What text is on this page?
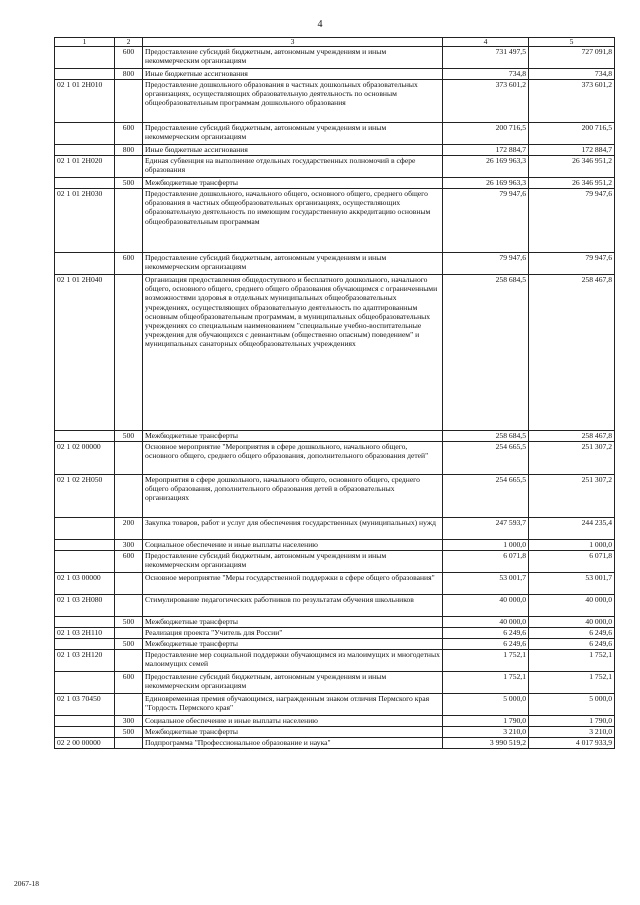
4
1	2	3	4	5
	600	Предоставление субсидий бюджетным, автономным учреждениям и иным некоммерческим организациям	731 497,5	727 091,8
	800	Иные бюджетные ассигнования	734,8	734,8
02 1 01 2Н010		Предоставление дошкольного образования в частных дошкольных образовательных организациях, осуществляющих образовательную деятельность по основным общеобразовательным программам дошкольного образования	373 601,2	373 601,2
	600	Предоставление субсидий бюджетным, автономным учреждениям и иным некоммерческим организациям	200 716,5	200 716,5
	800	Иные бюджетные ассигнования	172 884,7	172 884,7
02 1 01 2Н020		Единая субвенция на выполнение отдельных государственных полномочий в сфере образования	26 169 963,3	26 346 951,2
	500	Межбюджетные трансферты	26 169 963,3	26 346 951,2
02 1 01 2Н030		Предоставление дошкольного, начального общего, основного общего, среднего общего образования в частных общеобразовательных организациях, осуществляющих образовательную деятельность по имеющим государственную аккредитацию основным общеобразовательным программам	79 947,6	79 947,6
	600	Предоставление субсидий бюджетным, автономным учреждениям и иным некоммерческим организациям	79 947,6	79 947,6
02 1 01 2Н040		Организация предоставления общедоступного и бесплатного дошкольного, начального общего, основного общего, среднего общего образования обучающимся с ограниченными возможностями здоровья в отдельных муниципальных общеобразовательных учреждениях, осуществляющих образовательную деятельность по адаптированным основным общеобразовательным программам, в муниципальных общеобразовательных учреждениях со специальным наименованием "специальные учебно-воспитательные учреждения для обучающихся с девиантным (общественно опасным) поведением" и муниципальных санаторных общеобразовательных учреждениях	258 684,5	258 467,8
	500	Межбюджетные трансферты	258 684,5	258 467,8
02 1 02 00000		Основное мероприятие "Мероприятия в сфере дошкольного, начального общего, основного общего, среднего общего образования, дополнительного образования детей"	254 665,5	251 307,2
02 1 02 2Н050		Мероприятия в сфере дошкольного, начального общего, основного общего, среднего общего образования, дополнительного образования детей в образовательных организациях	254 665,5	251 307,2
	200	Закупка товаров, работ и услуг для обеспечения государственных (муниципальных) нужд	247 593,7	244 235,4
	300	Социальное обеспечение и иные выплаты населению	1 000,0	1 000,0
	600	Предоставление субсидий бюджетным, автономным учреждениям и иным некоммерческим организациям	6 071,8	6 071,8
02 1 03 00000		Основное мероприятие "Меры государственной поддержки в сфере общего образования"	53 001,7	53 001,7
02 1 03 2Н080		Стимулирование педагогических работников по результатам обучения школьников	40 000,0	40 000,0
	500	Межбюджетные трансферты	40 000,0	40 000,0
02 1 03 2Н110		Реализация проекта "Учитель для России"	6 249,6	6 249,6
	500	Межбюджетные трансферты	6 249,6	6 249,6
02 1 03 2Н120		Предоставление мер социальной поддержки обучающимся из малоимущих и многодетных малоимущих семей	1 752,1	1 752,1
	600	Предоставление субсидий бюджетным, автономным учреждениям и иным некоммерческим организациям	1 752,1	1 752,1
02 1 03 70450		Единовременная премия обучающимся, награжденным знаком отличия Пермского края "Гордость Пермского края"	5 000,0	5 000,0
	300	Социальное обеспечение и иные выплаты населению	1 790,0	1 790,0
	500	Межбюджетные трансферты	3 210,0	3 210,0
02 2 00 00000		Подпрограмма "Профессиональное образование и наука"	3 990 519,2	4 017 933,9
2067-18
